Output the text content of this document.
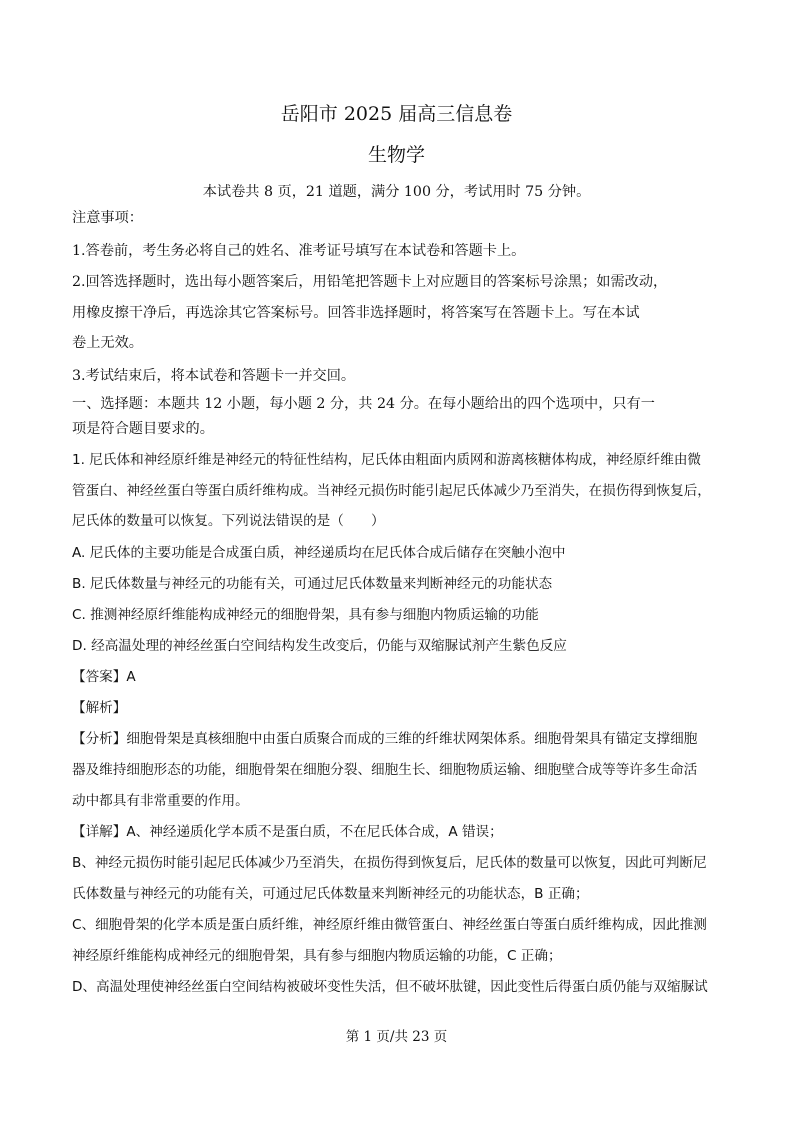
岳阳市 2025 届高三信息卷
生物学
本试卷共 8 页，21 道题，满分 100 分，考试用时 75 分钟。
注意事项：
1.答卷前，考生务必将自己的姓名、准考证号填写在本试卷和答题卡上。
2.回答选择题时，选出每小题答案后，用铅笔把答题卡上对应题目的答案标号涂黑；如需改动，
用橡皮擦干净后，再选涂其它答案标号。回答非选择题时，将答案写在答题卡上。写在本试
卷上无效。
3.考试结束后，将本试卷和答题卡一并交回。
一、选择题：本题共 12 小题，每小题 2 分，共 24 分。在每小题给出的四个选项中，只有一
项是符合题目要求的。
1. 尼氏体和神经原纤维是神经元的特征性结构，尼氏体由粗面内质网和游离核糖体构成，神经原纤维由微
管蛋白、神经丝蛋白等蛋白质纤维构成。当神经元损伤时能引起尼氏体减少乃至消失，在损伤得到恢复后，
尼氏体的数量可以恢复。下列说法错误的是（　　）
A. 尼氏体的主要功能是合成蛋白质，神经递质均在尼氏体合成后储存在突触小泡中
B. 尼氏体数量与神经元的功能有关，可通过尼氏体数量来判断神经元的功能状态
C. 推测神经原纤维能构成神经元的细胞骨架，具有参与细胞内物质运输的功能
D. 经高温处理的神经丝蛋白空间结构发生改变后，仍能与双缩脲试剂产生紫色反应
【答案】A
【解析】
【分析】细胞骨架是真核细胞中由蛋白质聚合而成的三维的纤维状网架体系。细胞骨架具有锚定支撑细胞
器及维持细胞形态的功能，细胞骨架在细胞分裂、细胞生长、细胞物质运输、细胞壁合成等等许多生命活
动中都具有非常重要的作用。
【详解】A、神经递质化学本质不是蛋白质，不在尼氏体合成，A 错误；
B、神经元损伤时能引起尼氏体减少乃至消失，在损伤得到恢复后，尼氏体的数量可以恢复，因此可判断尼
氏体数量与神经元的功能有关，可通过尼氏体数量来判断神经元的功能状态，B 正确；
C、细胞骨架的化学本质是蛋白质纤维，神经原纤维由微管蛋白、神经丝蛋白等蛋白质纤维构成，因此推测
神经原纤维能构成神经元的细胞骨架，具有参与细胞内物质运输的功能，C 正确；
D、高温处理使神经丝蛋白空间结构被破坏变性失活，但不破坏肽键，因此变性后得蛋白质仍能与双缩脲试
第 1 页/共 23 页
